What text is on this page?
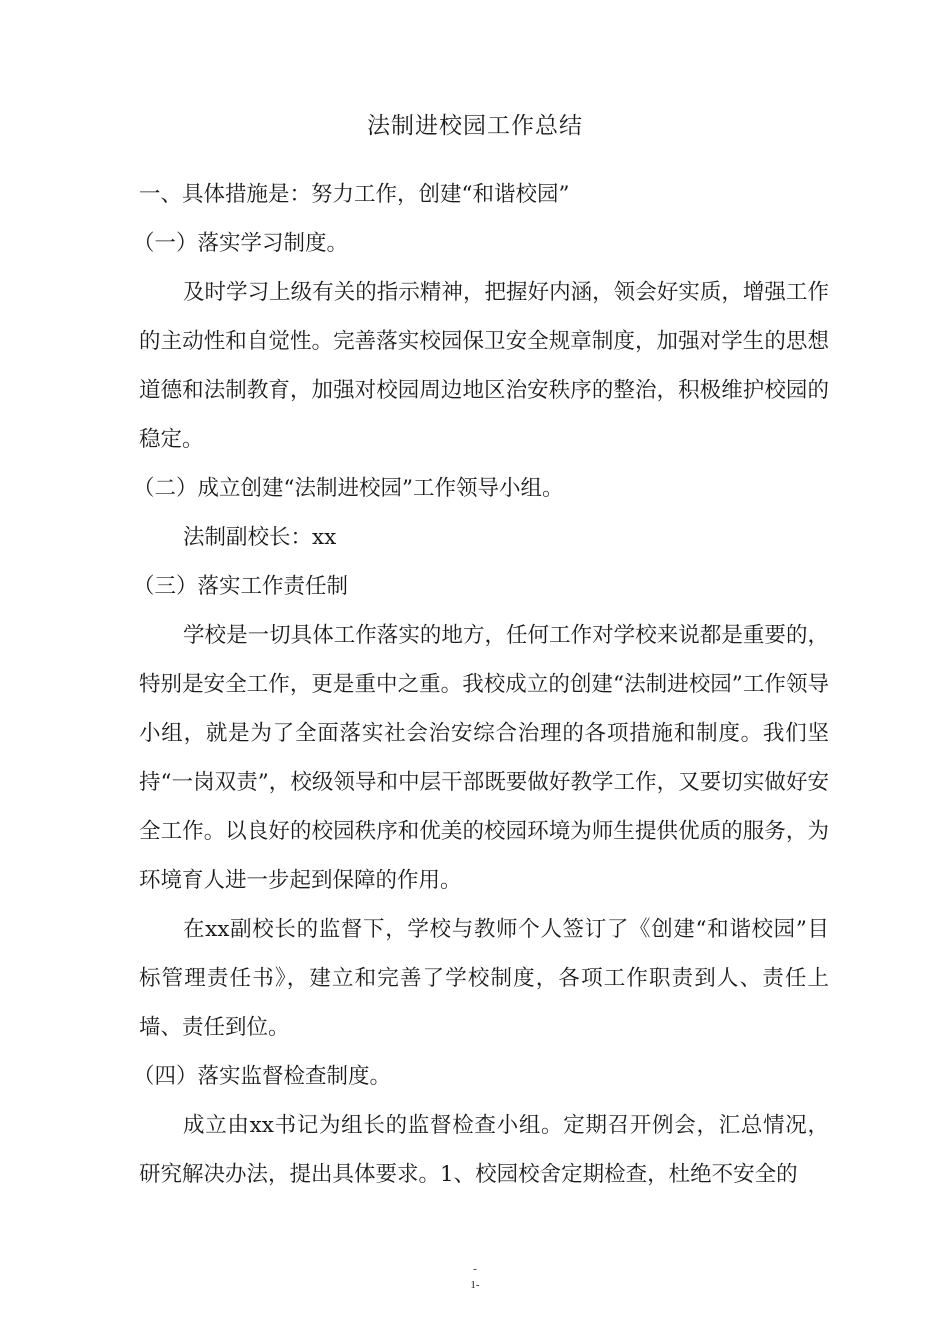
法制进校园工作总结

一、具体措施是：努力工作，创建“和谐校园”

（一）落实学习制度。

及时学习上级有关的指示精神，把握好内涵，领会好实质，增强工作的主动性和自觉性。完善落实校园保卫安全规章制度，加强对学生的思想道德和法制教育，加强对校园周边地区治安秩序的整治，积极维护校园的稳定。

（二）成立创建“法制进校园”工作领导小组。

法制副校长：xx

（三）落实工作责任制

学校是一切具体工作落实的地方，任何工作对学校来说都是重要的，特别是安全工作，更是重中之重。我校成立的创建“法制进校园”工作领导小组，就是为了全面落实社会治安综合治理的各项措施和制度。我们坚持“一岗双责”，校级领导和中层干部既要做好教学工作，又要切实做好安全工作。以良好的校园秩序和优美的校园环境为师生提供优质的服务，为环境育人进一步起到保障的作用。

在xx副校长的监督下，学校与教师个人签订了《创建“和谐校园”目标管理责任书》，建立和完善了学校制度，各项工作职责到人、责任上墙、责任到位。

（四）落实监督检查制度。

成立由xx书记为组长的监督检查小组。定期召开例会，汇总情况，研究解决办法，提出具体要求。1、校园校舍定期检查，杜绝不安全的

-
1-
